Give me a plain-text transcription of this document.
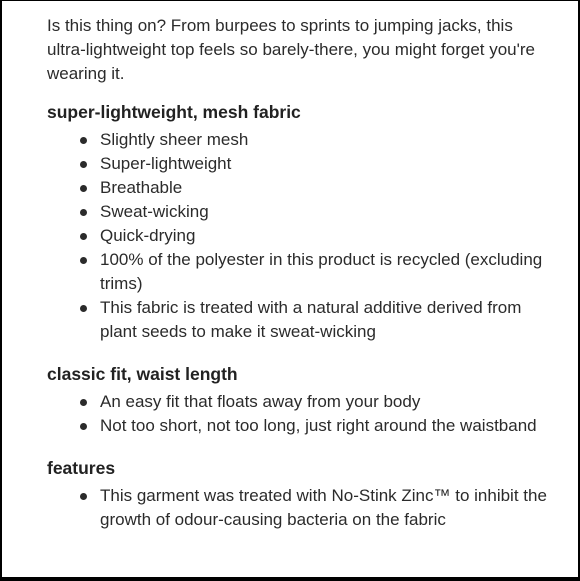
Is this thing on? From burpees to sprints to jumping jacks, this ultra-lightweight top feels so barely-there, you might forget you're wearing it.

super-lightweight, mesh fabric
Slightly sheer mesh
Super-lightweight
Breathable
Sweat-wicking
Quick-drying
100% of the polyester in this product is recycled (excluding trims)
This fabric is treated with a natural additive derived from plant seeds to make it sweat-wicking
classic fit, waist length
An easy fit that floats away from your body
Not too short, not too long, just right around the waistband
features
This garment was treated with No-Stink Zinc™ to inhibit the growth of odour-causing bacteria on the fabric
